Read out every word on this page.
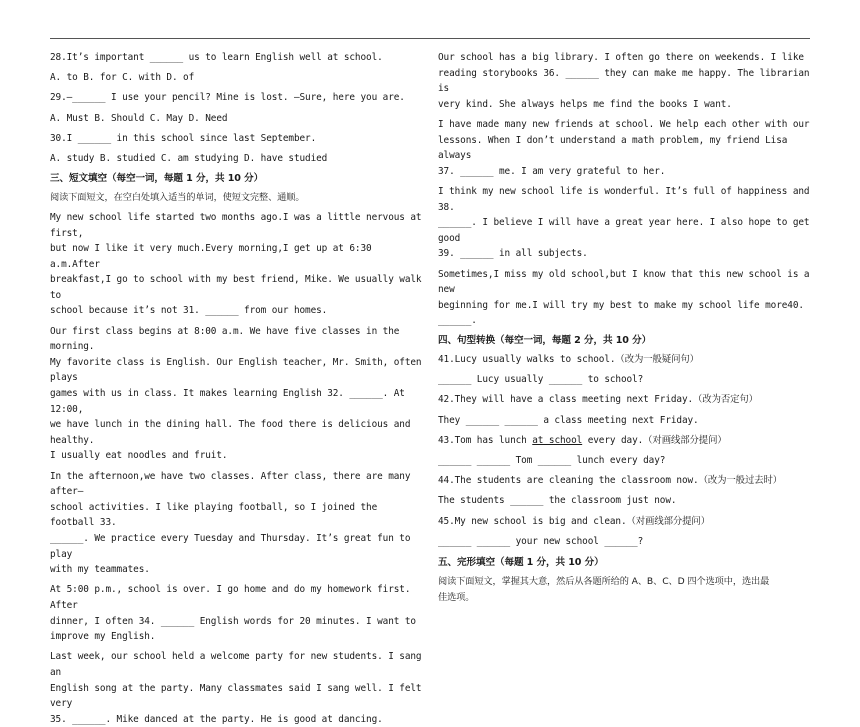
28.It’s important ______ us to learn English well at school.

A. to B. for C. with D. of

29.—______ I use your pencil? Mine is lost. —Sure, here you are.

A. Must B. Should C. May D. Need

30.I ______ in this school since last September.

A. study B. studied C. am studying D. have studied

三、短文填空（每空一词，每题 1 分，共 10 分）

阅读下面短文，在空白处填入适当的单词，使短文完整、通顺。

My new school life started two months ago.I was a little nervous at first,

but now I like it very much.Every morning,I get up at 6:30 a.m.After

breakfast,I go to school with my best friend, Mike. We usually walk to

school because it’s not 31. ______ from our homes.

Our first class begins at 8:00 a.m. We have five classes in the morning.

My favorite class is English. Our English teacher, Mr. Smith, often plays

games with us in class. It makes learning English 32. ______. At 12:00,

we have lunch in the dining hall. The food there is delicious and healthy.

I usually eat noodles and fruit.

In the afternoon,we have two classes. After class, there are many after—

school activities. I like playing football, so I joined the football 33.

______. We practice every Tuesday and Thursday. It’s great fun to play

with my teammates.

At 5:00 p.m., school is over. I go home and do my homework first. After

dinner, I often 34. ______ English words for 20 minutes. I want to

improve my English.

Last week, our school held a welcome party for new students. I sang an

English song at the party. Many classmates said I sang well. I felt very

35. ______. Mike danced at the party. He is good at dancing.

Our school has a big library. I often go there on weekends. I like

reading storybooks 36. ______ they can make me happy. The librarian is

very kind. She always helps me find the books I want.

I have made many new friends at school. We help each other with our

lessons. When I don’t understand a math problem, my friend Lisa always

37. ______ me. I am very grateful to her.

I think my new school life is wonderful. It’s full of happiness and 38.

______. I believe I will have a great year here. I also hope to get good

39. ______ in all subjects.

Sometimes,I miss my old school,but I know that this new school is a new

beginning for me.I will try my best to make my school life more40. ______.

四、句型转换（每空一词，每题 2 分，共 10 分）

41.Lucy usually walks to school.（改为一般疑问句）

______ Lucy usually ______ to school?

42.They will have a class meeting next Friday.（改为否定句）

They ______ ______ a class meeting next Friday.

43.Tom has lunch at school every day.（对画线部分提问）

______ ______ Tom ______ lunch every day?

44.The students are cleaning the classroom now.（改为一般过去时）

The students ______ the classroom just now.

45.My new school is big and clean.（对画线部分提问）

______ ______ your new school ______?

五、完形填空（每题 1 分，共 10 分）

阅读下面短文，掌握其大意，然后从各题所给的 A、B、C、D 四个选项中，选出最

佳选项。
